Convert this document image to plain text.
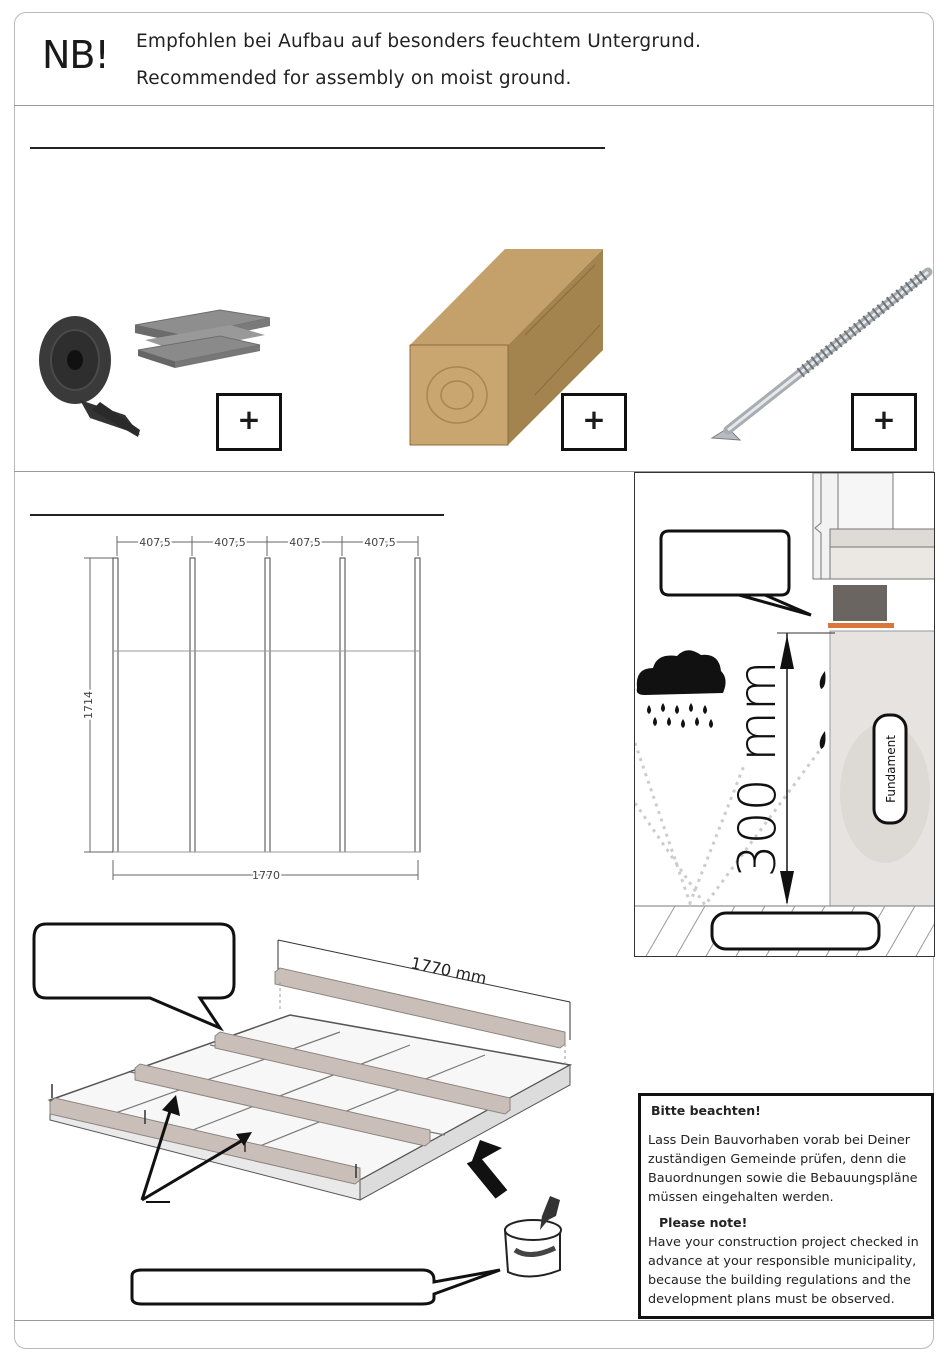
NB! Empfohlen bei Aufbau auf besonders feuchtem Untergrund.
Recommended for assembly on moist ground.
+	+	+
407,5	407,5	407,5	407,5
1714
1770	300 mm	Fundament
1770 mm
Bitte beachten!
Lass Dein Bauvorhaben vorab bei Deiner zuständigen Gemeinde prüfen, denn die Bauordnungen sowie die Bebauungspläne müssen eingehalten werden.
Please note!
Have your construction project checked in advance at your responsible municipality, because the building regulations and the development plans must be observed.
